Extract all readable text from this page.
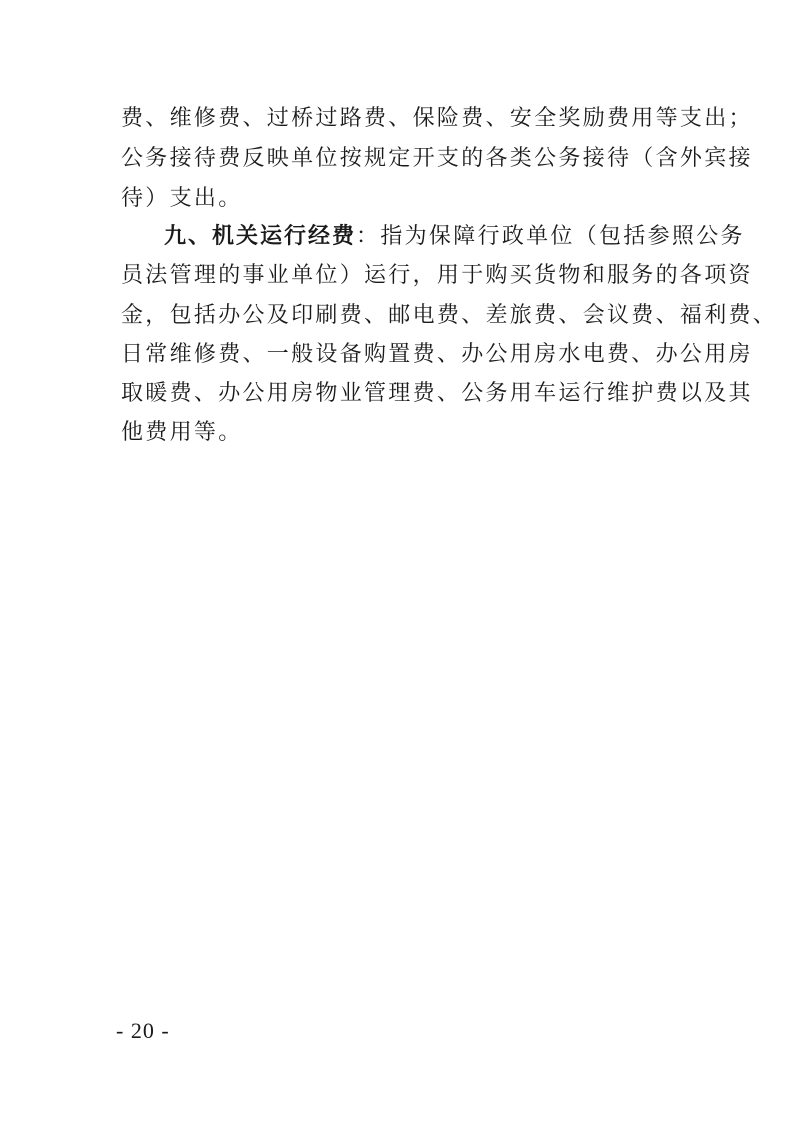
费、维修费、过桥过路费、保险费、安全奖励费用等支出；
公务接待费反映单位按规定开支的各类公务接待（含外宾接
待）支出。
九、机关运行经费：指为保障行政单位（包括参照公务
员法管理的事业单位）运行，用于购买货物和服务的各项资
金，包括办公及印刷费、邮电费、差旅费、会议费、福利费、
日常维修费、一般设备购置费、办公用房水电费、办公用房
取暖费、办公用房物业管理费、公务用车运行维护费以及其
他费用等。
- 20 -
